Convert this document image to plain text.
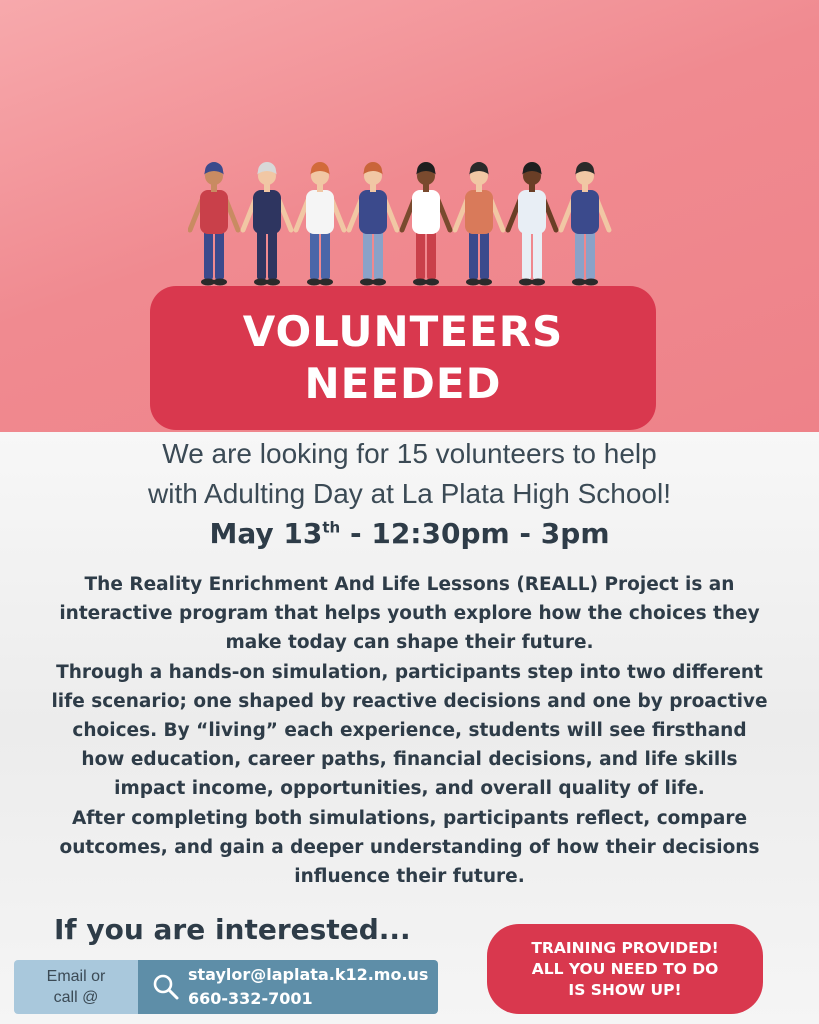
VOLUNTEERS
NEEDED
We are looking for 15 volunteers to help
with Adulting Day at La Plata High School!
May 13th - 12:30pm - 3pm
The Reality Enrichment And Life Lessons (REALL) Project is an
interactive program that helps youth explore how the choices they
make today can shape their future.
Through a hands-on simulation, participants step into two different
life scenario; one shaped by reactive decisions and one by proactive
choices. By “living” each experience, students will see firsthand
how education, career paths, financial decisions, and life skills
impact income, opportunities, and overall quality of life.
After completing both simulations, participants reflect, compare
outcomes, and gain a deeper understanding of how their decisions
influence their future.
If you are interested...
Email or
call @
staylor@laplata.k12.mo.us
660-332-7001
TRAINING PROVIDED!
ALL YOU NEED TO DO
IS SHOW UP!
